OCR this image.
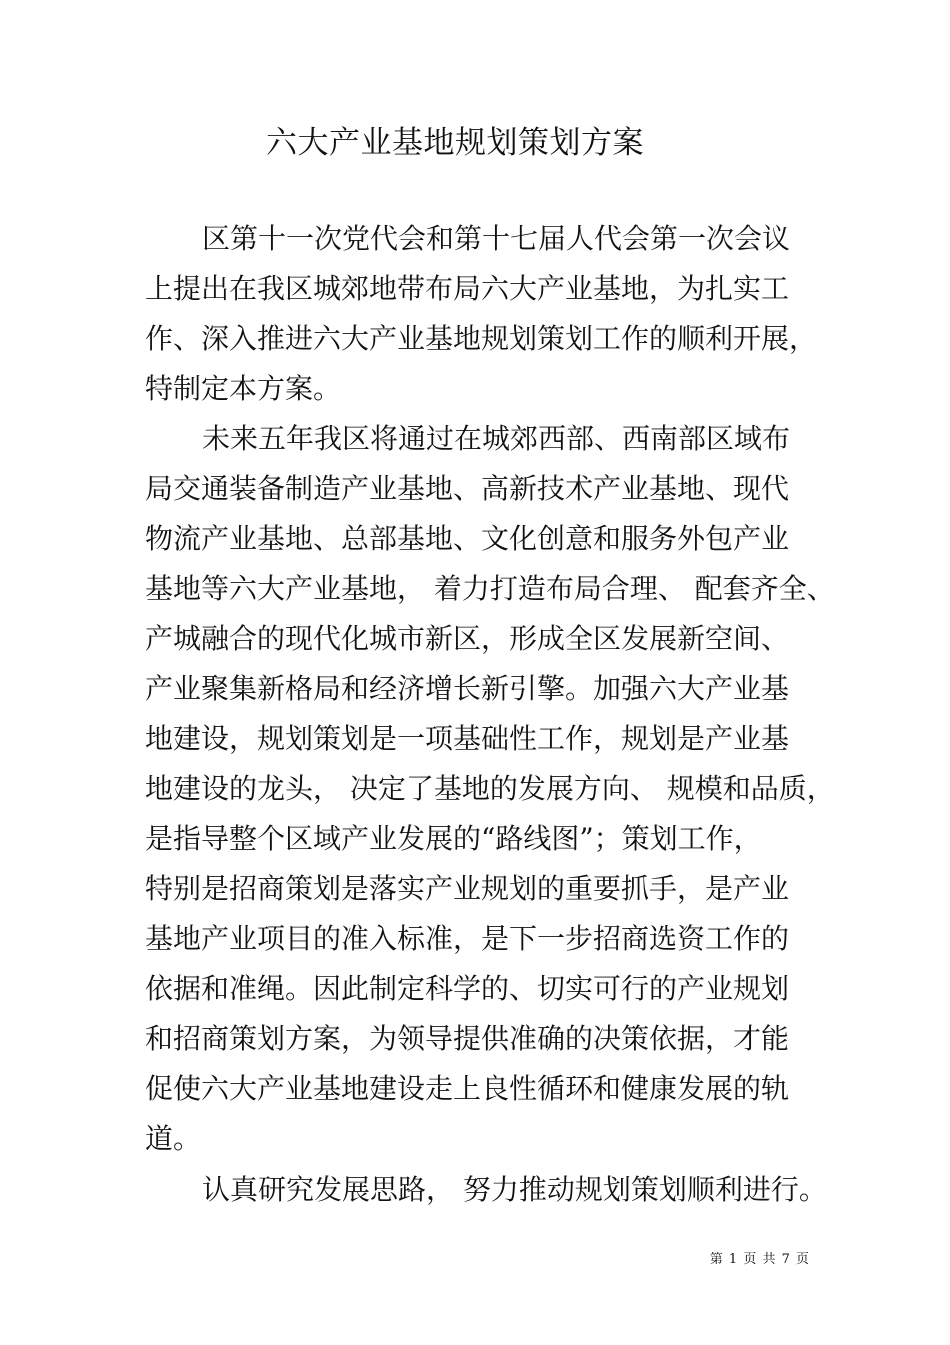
六大产业基地规划策划方案
区第十一次党代会和第十七届人代会第一次会议
上提出在我区城郊地带布局六大产业基地，为扎实工
作、深入推进六大产业基地规划策划工作的顺利开展，
特制定本方案。
未来五年我区将通过在城郊西部、西南部区域布
局交通装备制造产业基地、高新技术产业基地、现代
物流产业基地、总部基地、文化创意和服务外包产业
基地等六大产业基地， 着力打造布局合理、 配套齐全、
产城融合的现代化城市新区，形成全区发展新空间、
产业聚集新格局和经济增长新引擎。加强六大产业基
地建设，规划策划是一项基础性工作，规划是产业基
地建设的龙头， 决定了基地的发展方向、 规模和品质，
是指导整个区域产业发展的“路线图”；策划工作，
特别是招商策划是落实产业规划的重要抓手，是产业
基地产业项目的准入标准，是下一步招商选资工作的
依据和准绳。因此制定科学的、切实可行的产业规划
和招商策划方案，为领导提供准确的决策依据，才能
促使六大产业基地建设走上良性循环和健康发展的轨
道。
认真研究发展思路， 努力推动规划策划顺利进行。
第 1 页 共 7 页
